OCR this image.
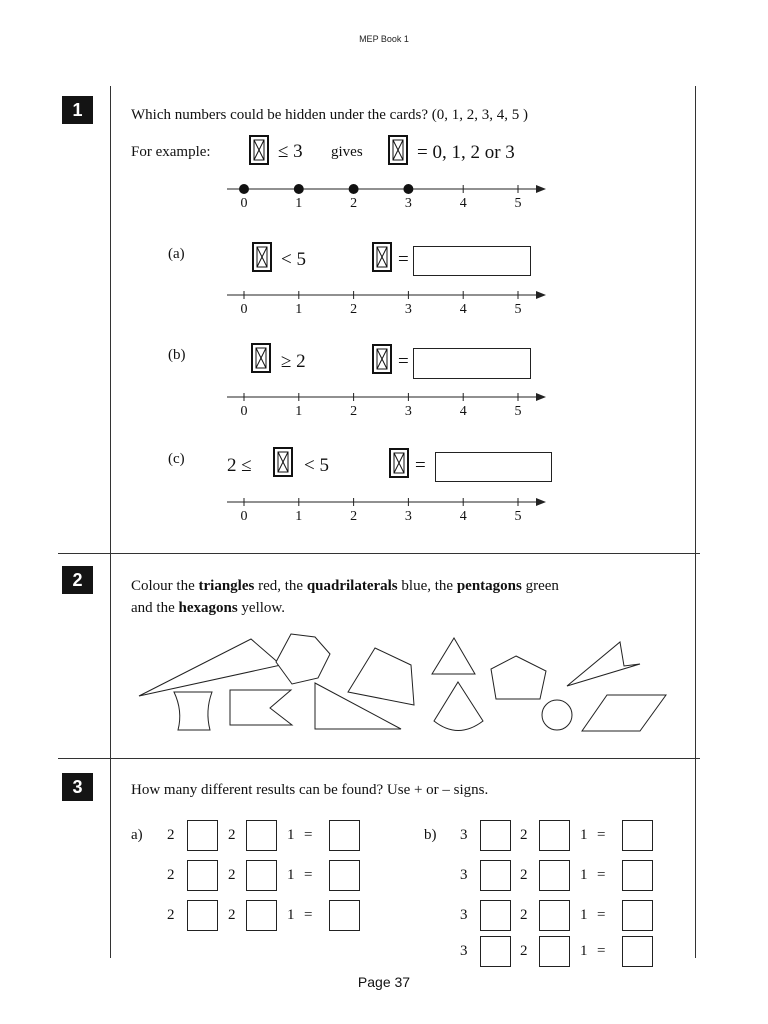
MEP Book 1
1	Which numbers could be hidden under the cards? (0, 1, 2, 3, 4, 5 )
For example:	≤ 3 gives	= 0, 1, 2 or 3
0	1	2	3	4	5
0	1	2	3	4	5
0	1	2	3	4	5
0	1	2	3	4	5
(a)	< 5	=
(b)	≥ 2	=
(c) 2 ≤	< 5	=
2	Colour the triangles red, the quadrilaterals blue, the pentagons green
and the hexagons yellow.
3	How many different results can be found? Use + or – signs.
a)	b)
2	2	1 =
2	2	1 =
2	2	1 =
3	2	1 =
3	2	1 =
3	2	1 =
3	2	1 =
Page 37
